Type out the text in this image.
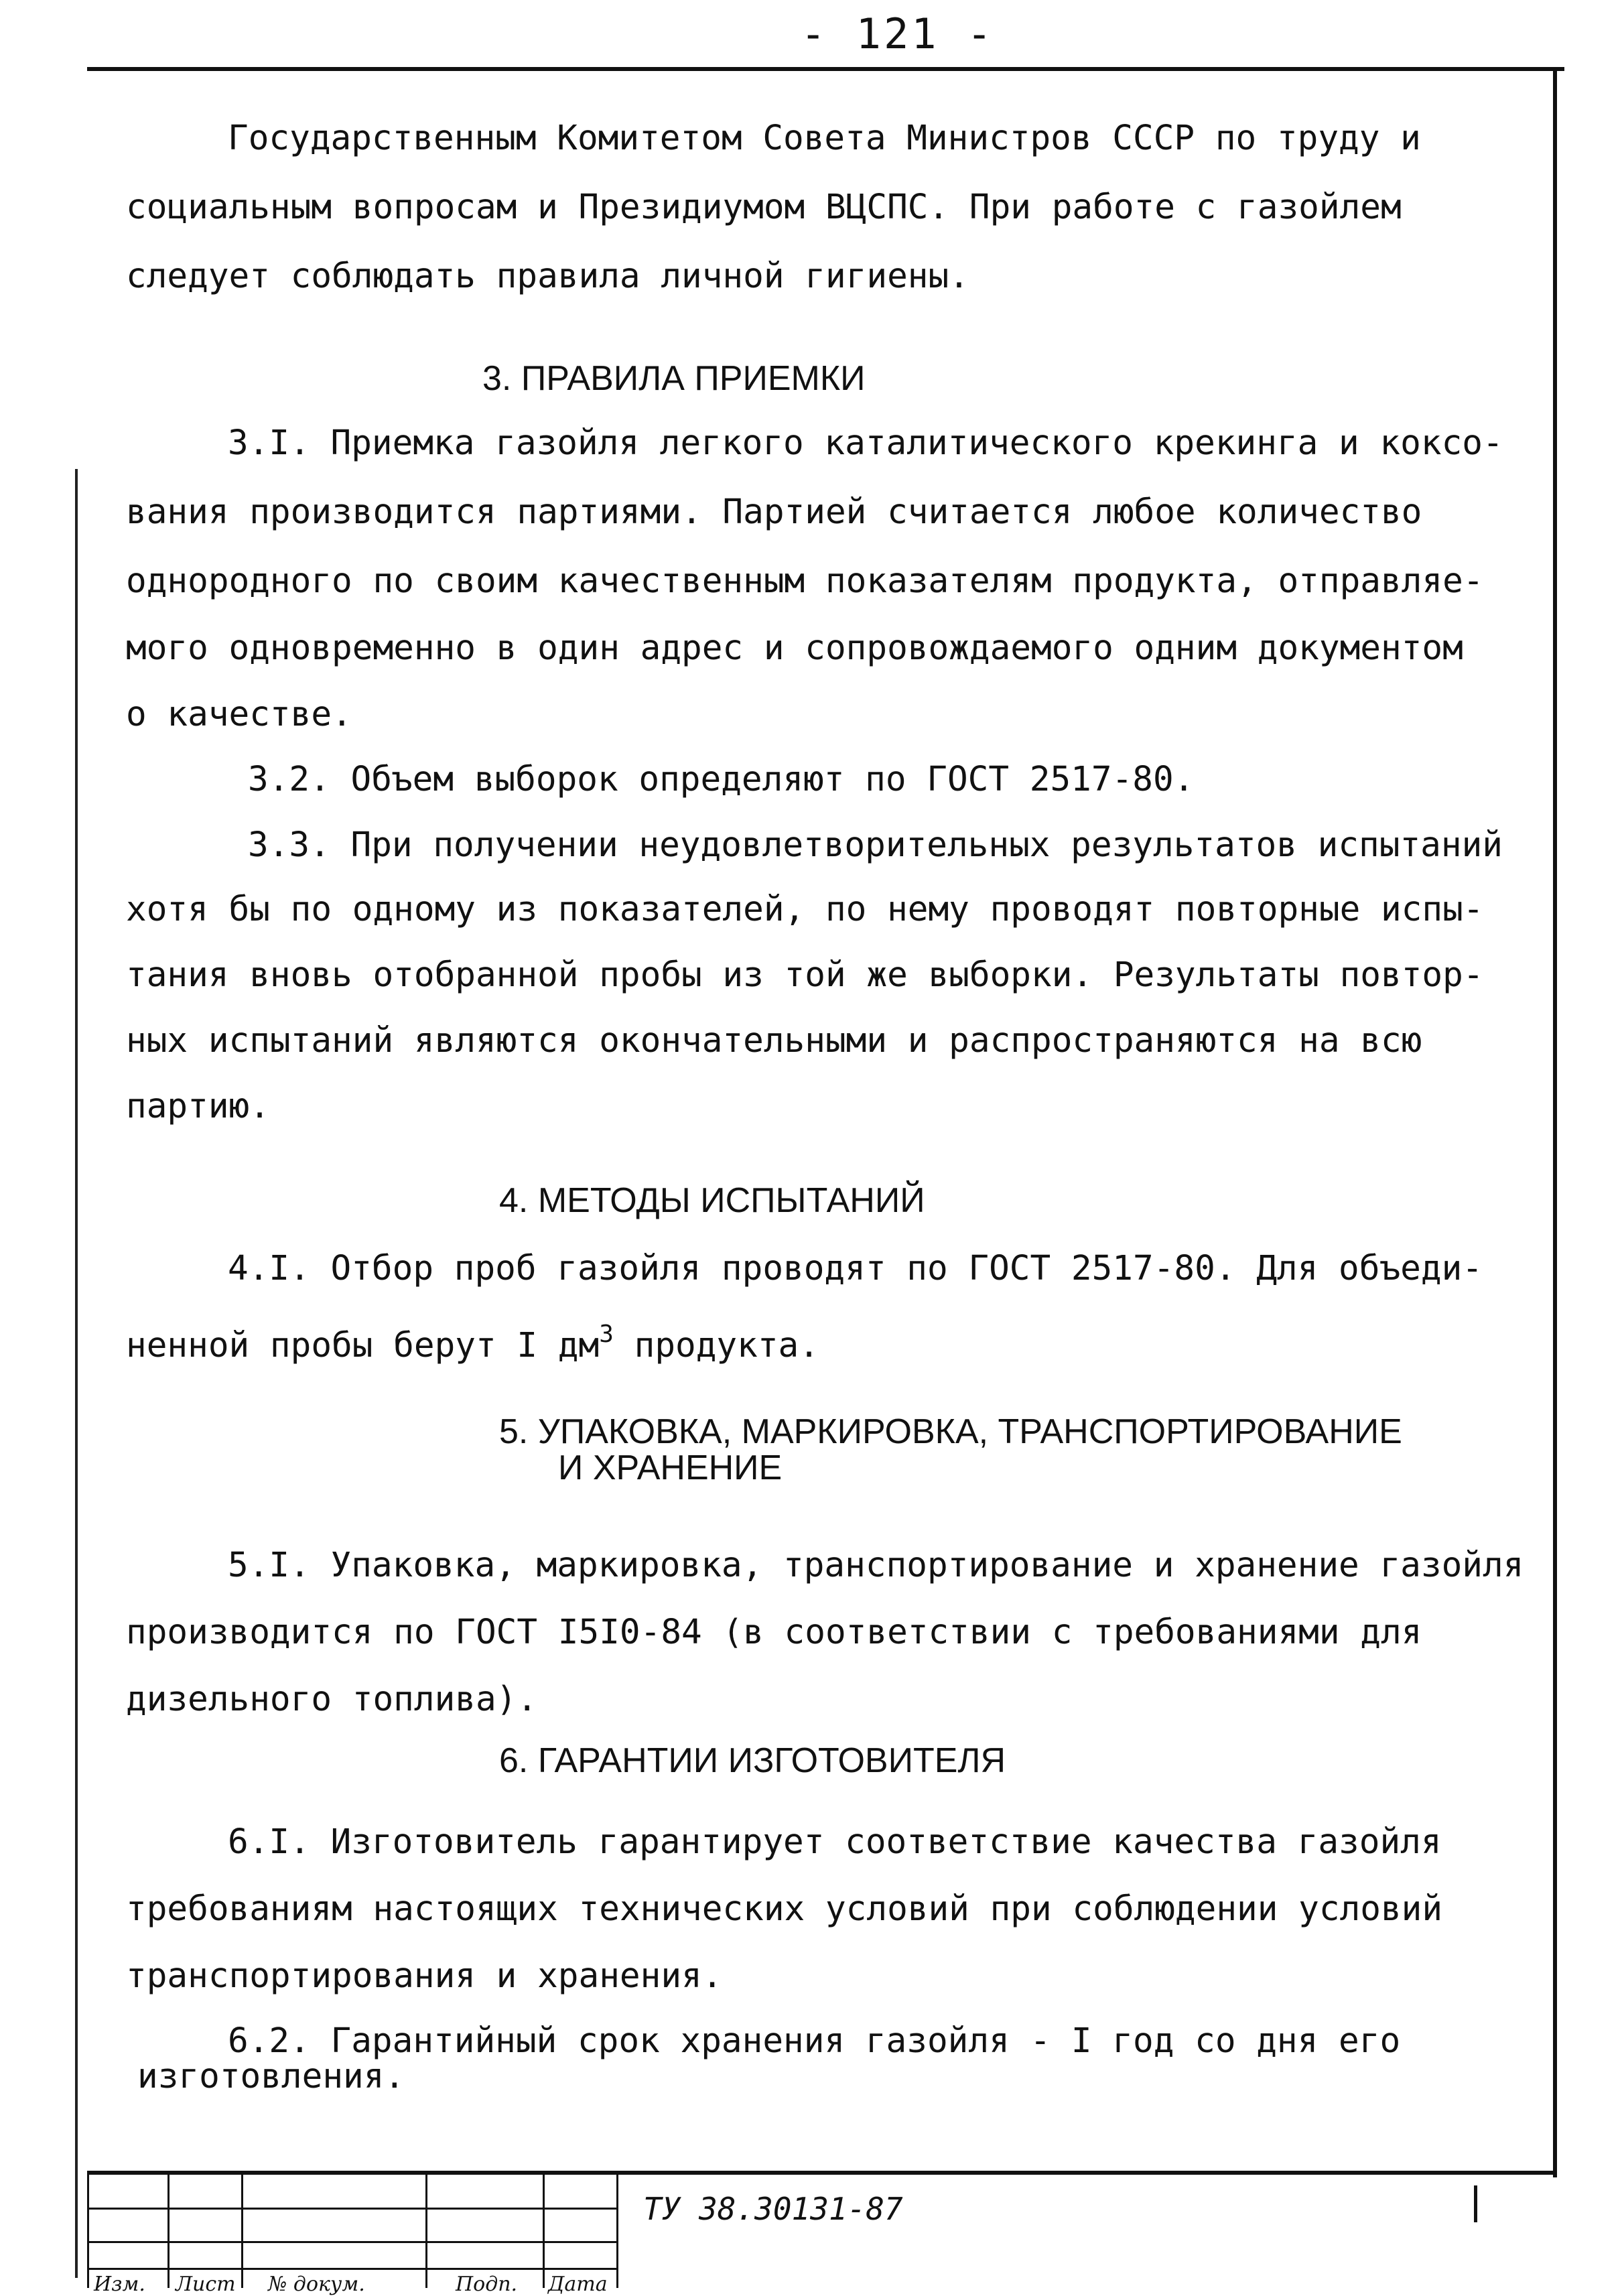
- 121 -

Государственным Комитетом Совета Министров СССР по труду и

социальным вопросам и Президиумом ВЦСПС. При работе с газойлем

следует соблюдать правила личной гигиены.

3. ПРАВИЛА ПРИЕМКИ

3.I. Приемка газойля легкого каталитического крекинга и коксо-

вания производится партиями. Партией считается любое количество

однородного по своим качественным показателям продукта, отправляе-

мого одновременно в один адрес и сопровождаемого одним документом

о качестве.

3.2. Объем выборок определяют по ГОСТ 2517-80.

3.3. При получении неудовлетворительных результатов испытаний

хотя бы по одному из показателей, по нему проводят повторные испы-

тания вновь отобранной пробы из той же выборки. Результаты повтор-

ных испытаний являются окончательными и распространяются на всю

партию.

4. МЕТОДЫ ИСПЫТАНИЙ

4.I. Отбор проб газойля проводят по ГОСТ 2517-80. Для объеди-

ненной пробы берут I $дм^3$ продукта.

5. УПАКОВКА, МАРКИРОВКА, ТРАНСПОРТИРОВАНИЕ
И ХРАНЕНИЕ

5.I. Упаковка, маркировка, транспортирование и хранение газойля

производится по ГОСТ I5I0-84 (в соответствии с требованиями для

дизельного топлива).

6. ГАРАНТИИ ИЗГОТОВИТЕЛЯ

6.I. Изготовитель гарантирует соответствие качества газойля

требованиям настоящих технических условий при соблюдении условий

транспортирования и хранения.

6.2. Гарантийный срок хранения газойля - I год со дня его

изготовления.

Изм. Лист № докум.	Подп. Дата
ТУ 38.30131-87
